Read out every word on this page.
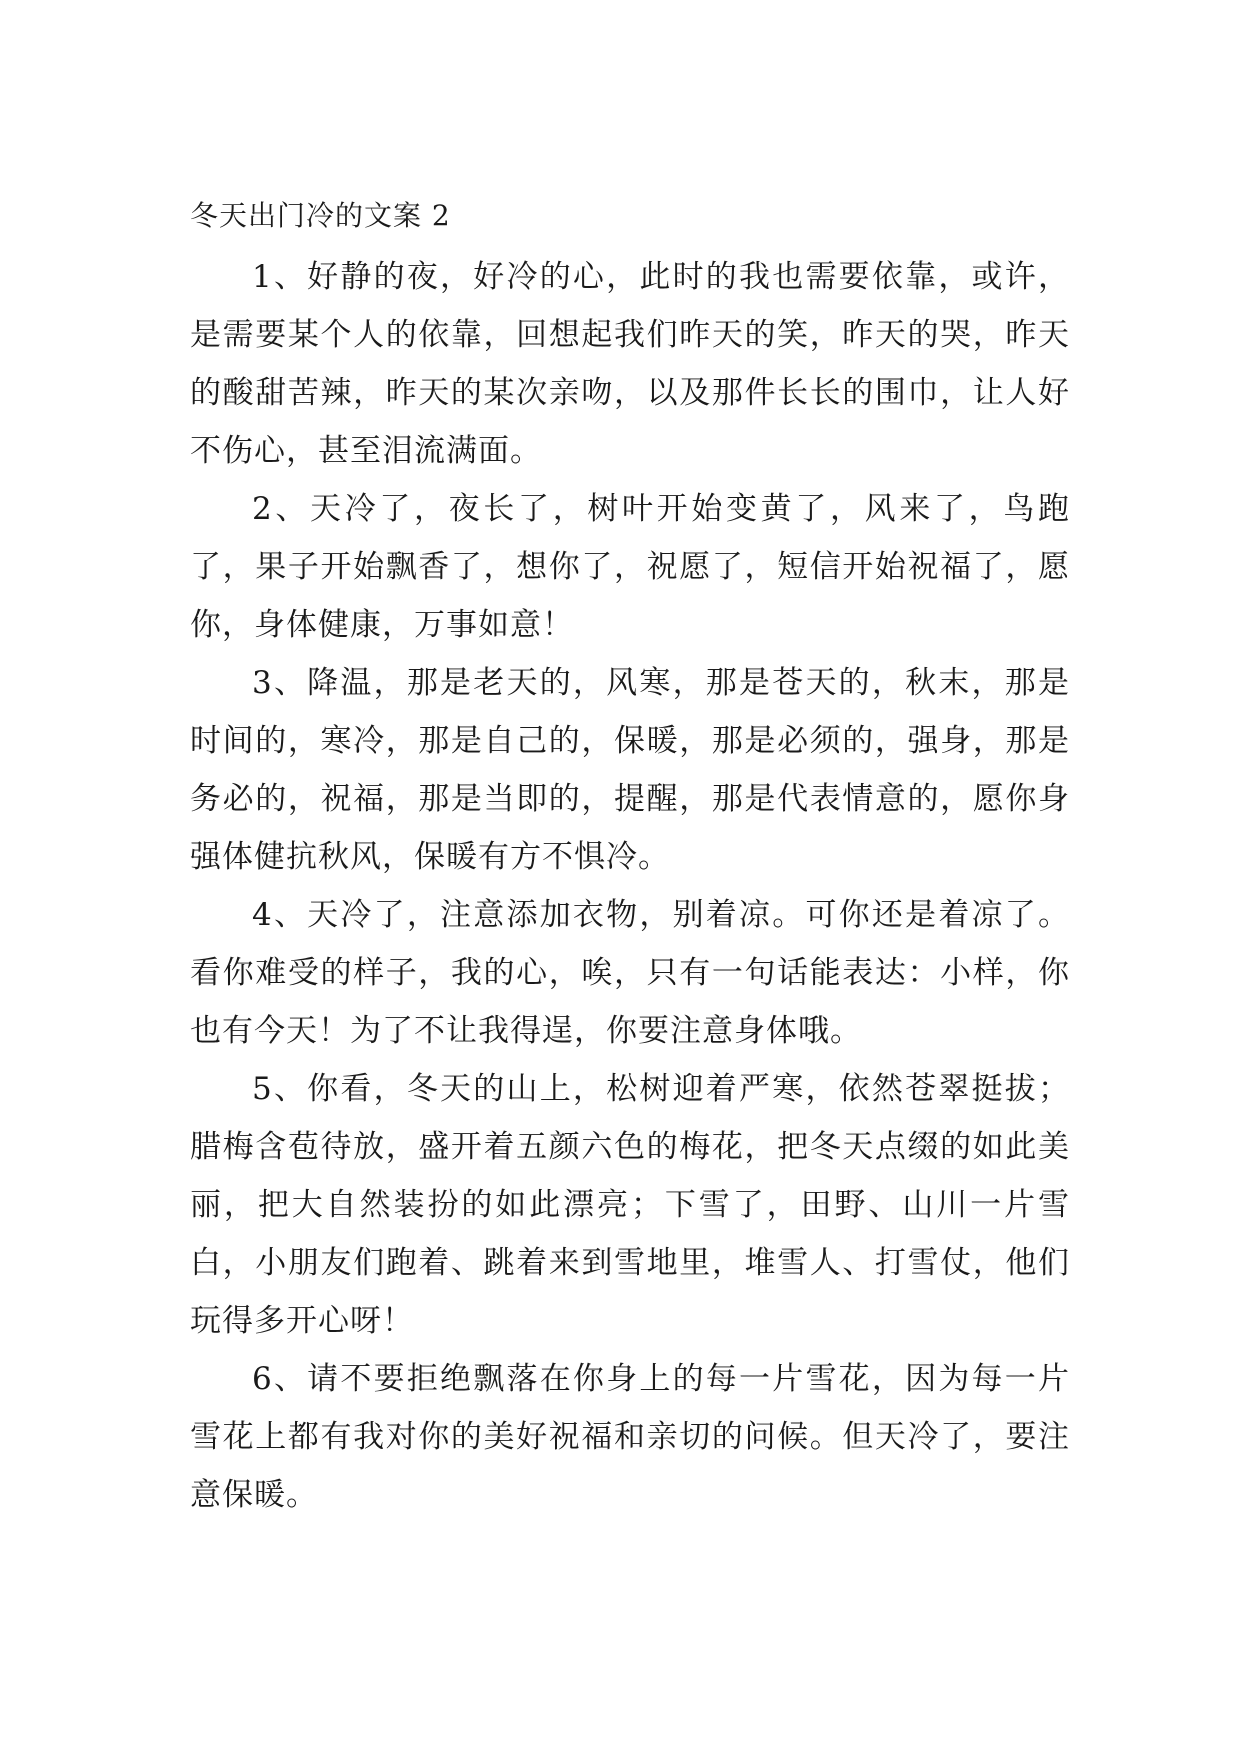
冬天出门冷的文案 2

1、好静的夜，好冷的心，此时的我也需要依靠，或许，是需要某个人的依靠，回想起我们昨天的笑，昨天的哭，昨天的酸甜苦辣，昨天的某次亲吻，以及那件长长的围巾，让人好不伤心，甚至泪流满面。

2、天冷了，夜长了，树叶开始变黄了，风来了，鸟跑了，果子开始飘香了，想你了，祝愿了，短信开始祝福了，愿你，身体健康，万事如意！

3、降温，那是老天的，风寒，那是苍天的，秋末，那是时间的，寒冷，那是自己的，保暖，那是必须的，强身，那是务必的，祝福，那是当即的，提醒，那是代表情意的，愿你身强体健抗秋风，保暖有方不惧冷。

4、天冷了，注意添加衣物，别着凉。可你还是着凉了。看你难受的样子，我的心，唉，只有一句话能表达：小样，你也有今天！为了不让我得逞，你要注意身体哦。

5、你看，冬天的山上，松树迎着严寒，依然苍翠挺拔；腊梅含苞待放，盛开着五颜六色的梅花，把冬天点缀的如此美丽，把大自然装扮的如此漂亮；下雪了，田野、山川一片雪白，小朋友们跑着、跳着来到雪地里，堆雪人、打雪仗，他们玩得多开心呀！

6、请不要拒绝飘落在你身上的每一片雪花，因为每一片雪花上都有我对你的美好祝福和亲切的问候。但天冷了，要注意保暖。
